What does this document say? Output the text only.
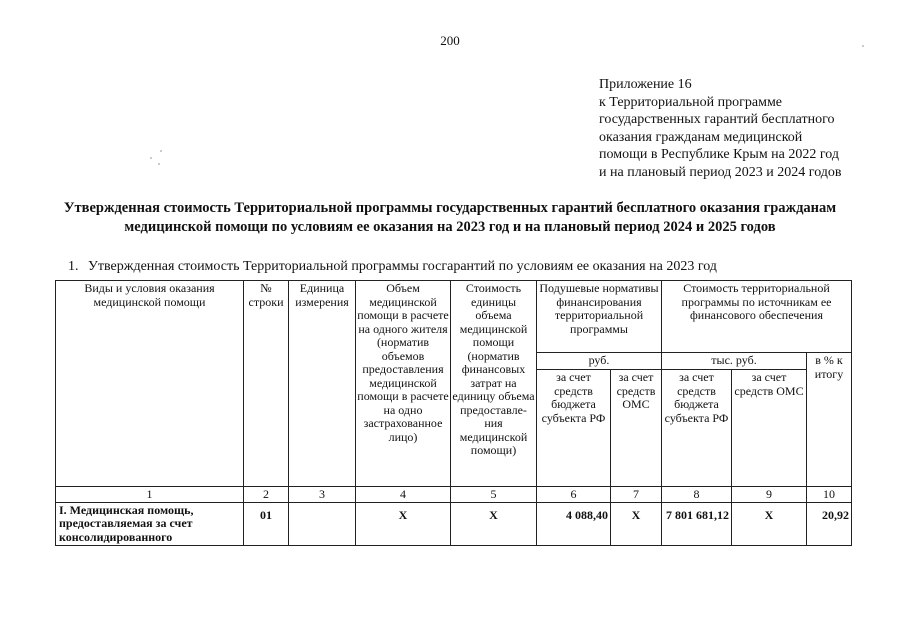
200
Приложение 16
к Территориальной программе
государственных гарантий бесплатного
оказания гражданам медицинской
помощи в Республике Крым на 2022 год
и на плановый период 2023 и 2024 годов
Утвержденная стоимость Территориальной программы государственных гарантий бесплатного оказания гражданам
медицинской помощи по условиям ее оказания на 2023 год и на плановый период 2024 и 2025 годов
1. Утвержденная стоимость Территориальной программы госгарантий по условиям ее оказания на 2023 год
Виды и условия оказания медицинской помощи	№ строки	Единица измерения	Объем медицинской помощи в расчете на одного жителя (норматив объемов предоставления медицинской помощи в расчете на одно застрахованное лицо)	Стоимость единицы объема медицинской помощи (норматив финансовых затрат на единицу объема предоставле-ния медицинской помощи)	Подушевые нормативы финансирования территориальной программы		Стоимость территориальной программы по источникам ее финансового обеспечения		
					руб.		тыс. руб.		в % к итогу
					за счет средств бюджета субъекта РФ	за счет средств ОМС	за счет средств бюджета субъекта РФ	за счет средств ОМС	
1	2	3	4	5	6	7	8	9	10
I. Медицинская помощь, предоставляемая за счет консолидированного	01		Х	Х	4 088,40	Х	7 801 681,12	Х	20,92
